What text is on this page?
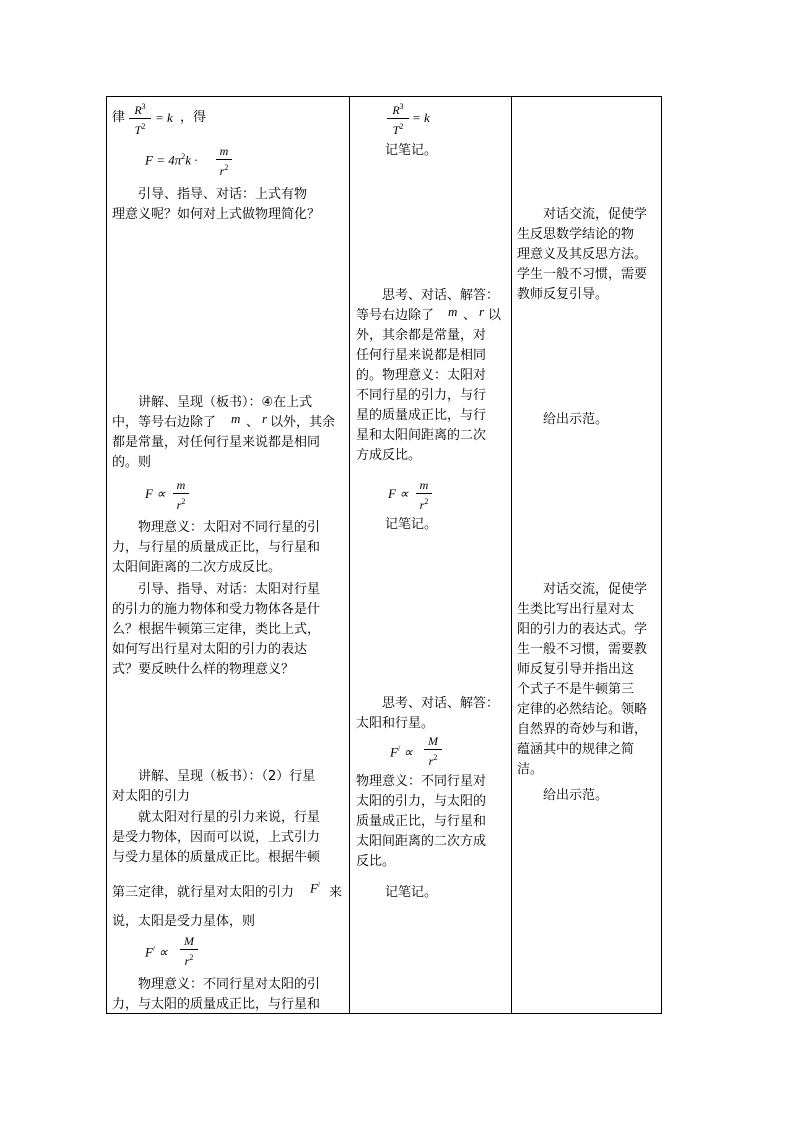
律 $R^3$
$T^2$
= k ，得
$F = 4\pi^2k$ ·
m
$r^2$
　　引导、指导、对话：上式有物
理意义呢？如何对上式做物理简化？
　　讲解、呈现（板书）：④在上式
中，等号右边除了 m 、 r 以外，其余
都是常量，对任何行星来说都是相同
的。则
F ∝
m
$r^2$
　　物理意义：太阳对不同行星的引
力，与行星的质量成正比，与行星和
太阳间距离的二次方成反比。
　　引导、指导、对话：太阳对行星
的引力的施力物体和受力物体各是什
么？根据牛顿第三定律，类比上式，
如何写出行星对太阳的引力的表达
式？要反映什么样的物理意义？
　　讲解、呈现（板书）：（2）行星
对太阳的引力
　　就太阳对行星的引力来说，行星
是受力物体，因而可以说，上式引力
与受力星体的质量成正比。根据牛顿
第三定律，就行星对太阳的引力 F/
来
说，太阳是受力星体，则
F/ ∝
M
$r^2$
　　物理意义：不同行星对太阳的引
力，与太阳的质量成正比，与行星和
$R^3$
$T^2$
= k
记笔记。
　　思考、对话、解答：
等号右边除了 m 、 r 以
外，其余都是常量，对
任何行星来说都是相同
的。物理意义：太阳对
不同行星的引力，与行
星的质量成正比，与行
星和太阳间距离的二次
方成反比。
F ∝
m
$r^2$
记笔记。
　　思考、对话、解答：
太阳和行星。
F/ ∝
M
$r^2$
物理意义：不同行星对
太阳的引力，与太阳的
质量成正比，与行星和
太阳间距离的二次方成
反比。
记笔记。
　　对话交流，促使学
生反思数学结论的物
理意义及其反思方法。
学生一般不习惯，需要
教师反复引导。
　　给出示范。
　　对话交流，促使学
生类比写出行星对太
阳的引力的表达式。学
生一般不习惯，需要教
师反复引导并指出这
个式子不是牛顿第三
定律的必然结论。领略
自然界的奇妙与和谐，
蕴涵其中的规律之简
洁。
　　给出示范。
